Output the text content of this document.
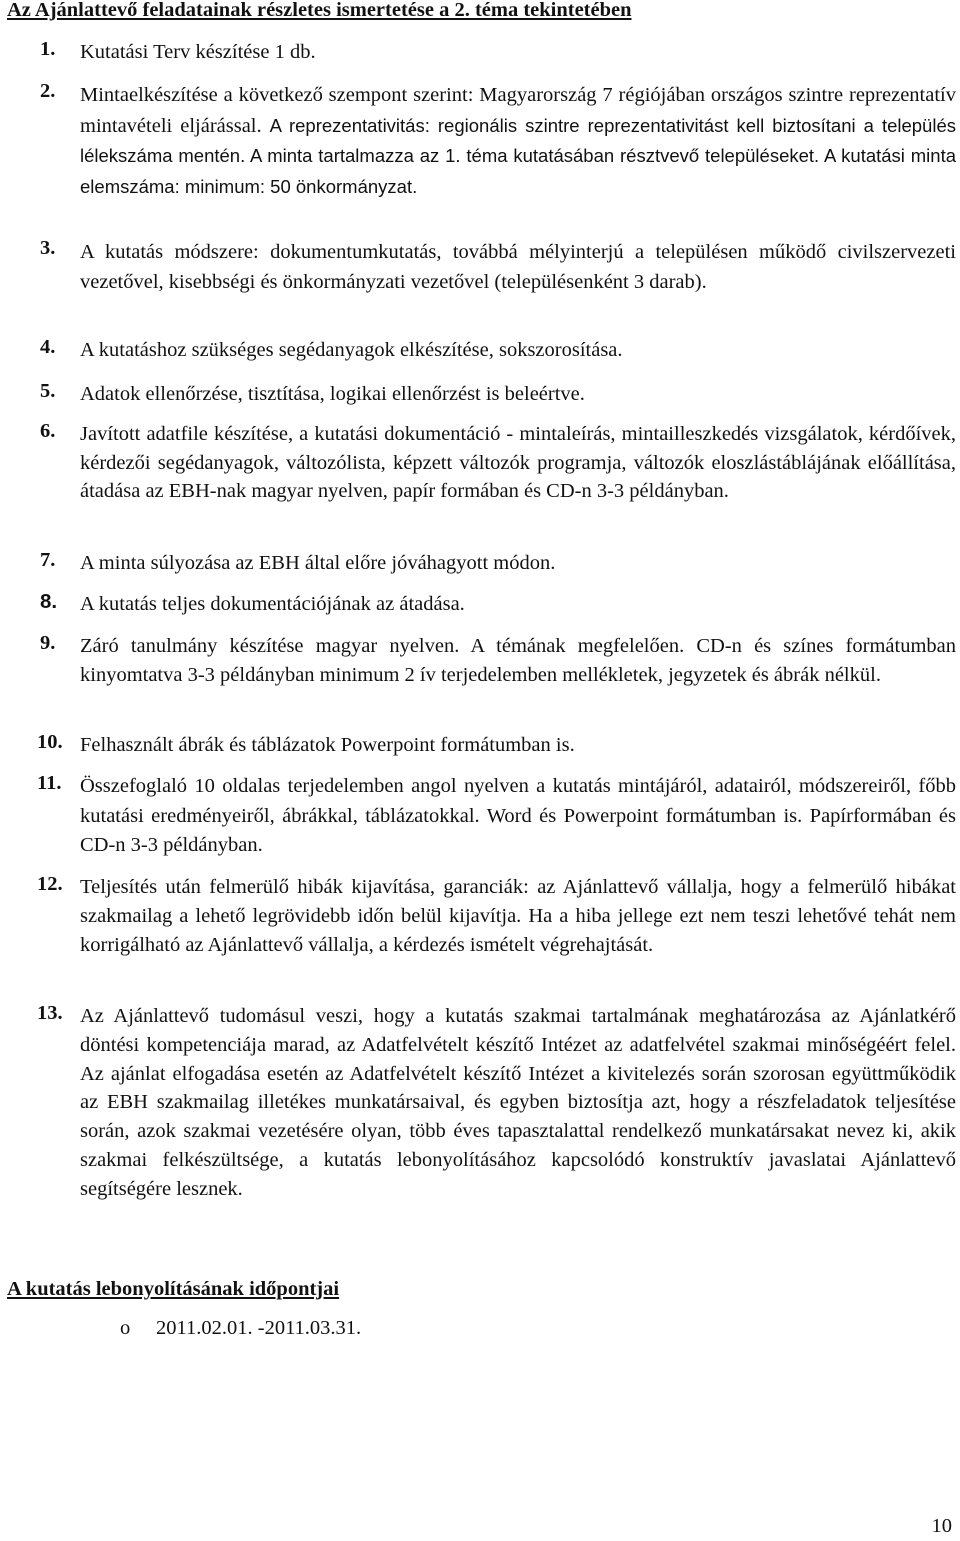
Az Ajánlattevő feladatainak részletes ismertetése a 2. téma tekintetében
1.	Kutatási Terv készítése 1 db.
2.	Mintaelkészítése a következő szempont szerint: Magyarország 7 régiójában országos szintre reprezentatív mintavételi eljárással. A reprezentativitás: regionális szintre reprezentativitást kell biztosítani a település lélekszáma mentén. A minta tartalmazza az 1. téma kutatásában résztvevő településeket. A kutatási minta elemszáma: minimum: 50 önkormányzat.
3.	A kutatás módszere: dokumentumkutatás, továbbá mélyinterjú a településen működő civilszervezeti vezetővel, kisebbségi és önkormányzati vezetővel (településenként 3 darab).
4.	A kutatáshoz szükséges segédanyagok elkészítése, sokszorosítása.
5.	Adatok ellenőrzése, tisztítása, logikai ellenőrzést is beleértve.
6.	Javított adatfile készítése, a kutatási dokumentáció - mintaleírás, mintailleszkedés vizsgálatok, kérdőívek, kérdezői segédanyagok, változólista, képzett változók programja, változók eloszlástáblájának előállítása, átadása az EBH-nak magyar nyelven, papír formában és CD-n 3-3 példányban.
7.	A minta súlyozása az EBH által előre jóváhagyott módon.
8.	A kutatás teljes dokumentációjának az átadása.
9.	Záró tanulmány készítése magyar nyelven. A témának megfelelően. CD-n és színes formátumban kinyomtatva 3-3 példányban minimum 2 ív terjedelemben mellékletek, jegyzetek és ábrák nélkül.
10. Felhasznált ábrák és táblázatok Powerpoint formátumban is.
11. Összefoglaló 10 oldalas terjedelemben angol nyelven a kutatás mintájáról, adatairól, módszereiről, főbb kutatási eredményeiről, ábrákkal, táblázatokkal. Word és Powerpoint formátumban is. Papírformában és CD-n 3-3 példányban.
12. Teljesítés után felmerülő hibák kijavítása, garanciák: az Ajánlattevő vállalja, hogy a felmerülő hibákat szakmailag a lehető legrövidebb időn belül kijavítja. Ha a hiba jellege ezt nem teszi lehetővé tehát nem korrigálható az Ajánlattevő vállalja, a kérdezés ismételt végrehajtását.
13. Az Ajánlattevő tudomásul veszi, hogy a kutatás szakmai tartalmának meghatározása az Ajánlatkérő döntési kompetenciája marad, az Adatfelvételt készítő Intézet az adatfelvétel szakmai minőségéért felel. Az ajánlat elfogadása esetén az Adatfelvételt készítő Intézet a kivitelezés során szorosan együttműködik az EBH szakmailag illetékes munkatársaival, és egyben biztosítja azt, hogy a részfeladatok teljesítése során, azok szakmai vezetésére olyan, több éves tapasztalattal rendelkező munkatársakat nevez ki, akik szakmai felkészültsége, a kutatás lebonyolításához kapcsolódó konstruktív javaslatai Ajánlattevő segítségére lesznek.
A kutatás lebonyolításának időpontjai
o 2011.02.01. -2011.03.31.
10
